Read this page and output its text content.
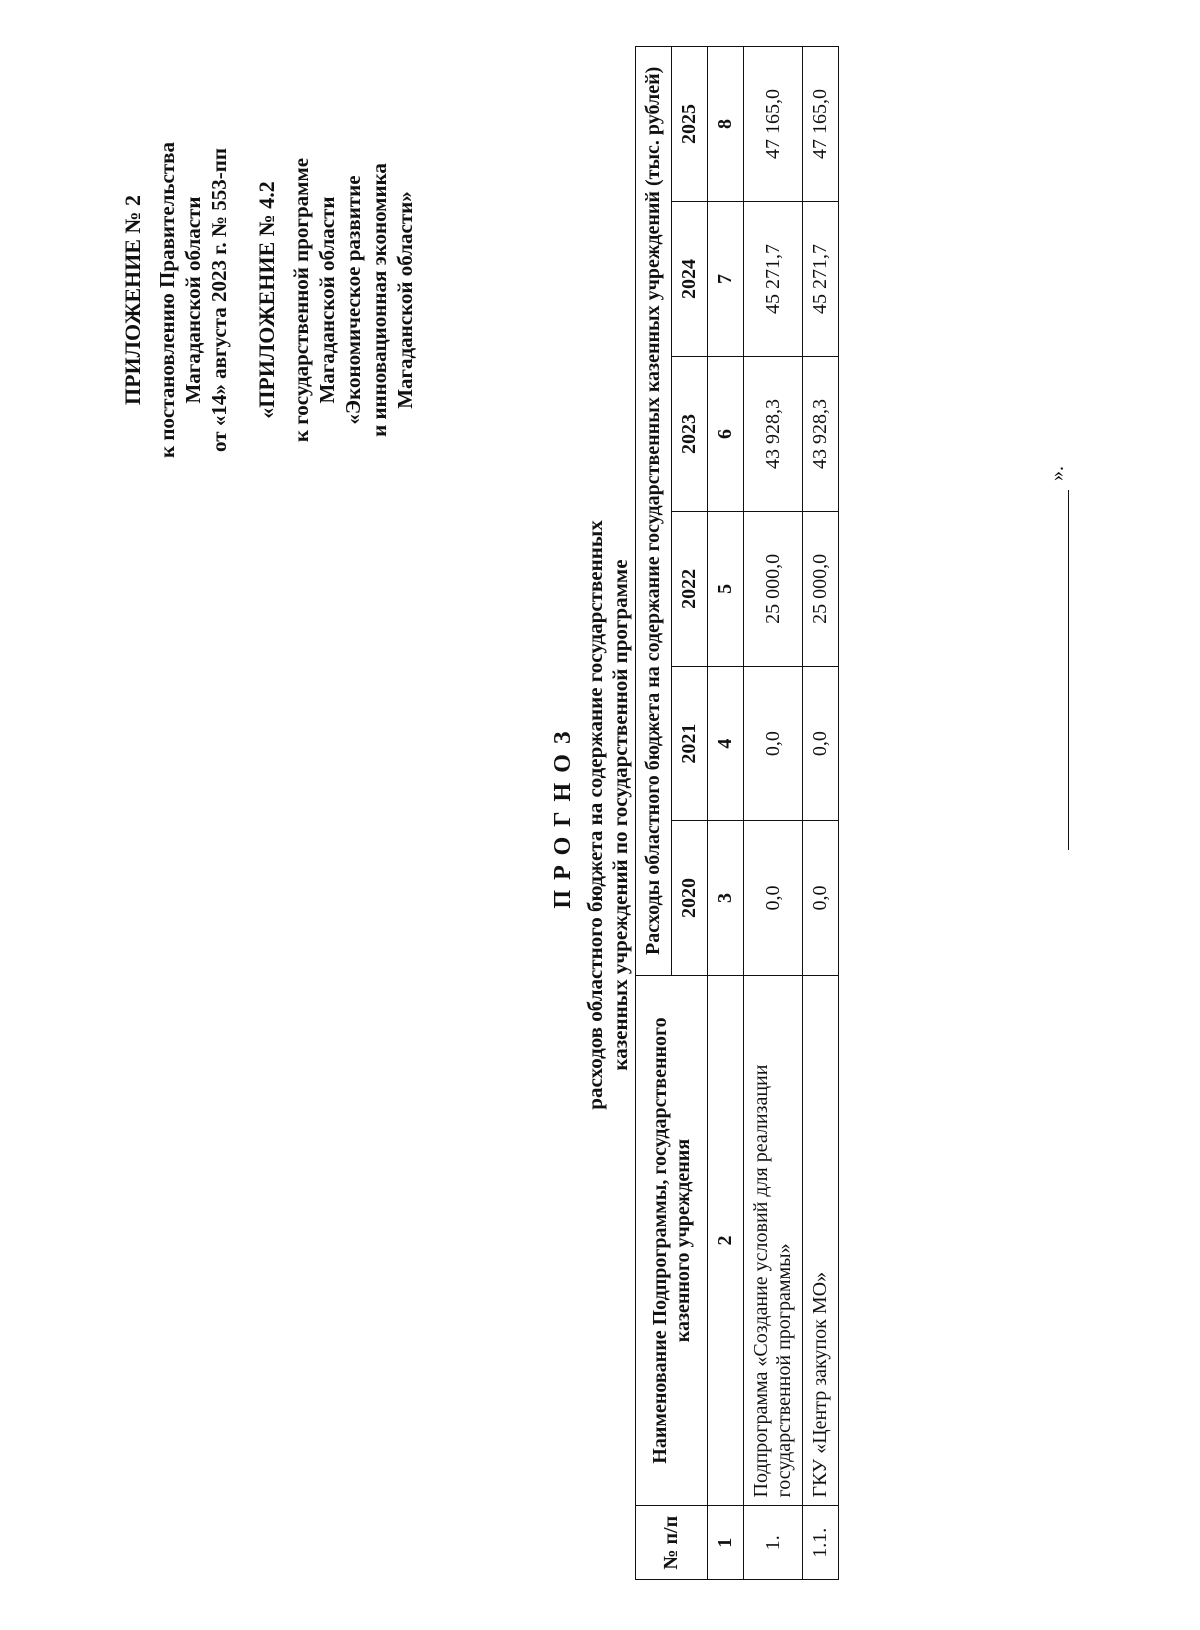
ПРИЛОЖЕНИЕ № 2 к постановлению Правительства Магаданской области от «14» августа 2023 г. № 553-пп «ПРИЛОЖЕНИЕ № 4.2 к государственной программе Магаданской области «Экономическое развитие и инновационная экономика Магаданской области»
ПРОГНОЗ расходов областного бюджета на содержание государственных казенных учреждений по государственной программе
№ п/п	Наименование Подпрограммы, государственного казенного учреждения	Расходы областного бюджета на содержание государственных казенных учреждений (тыс. рублей)					
		2020	2021	2022	2023	2024	2025
1	2	3	4	5	6	7	8
1.	Подпрограмма «Создание условий для реализации государственной программы»	0,0	0,0	25 000,0	43 928,3	45 271,7	47 165,0
1.1.	ГКУ «Центр закупок МО»	0,0	0,0	25 000,0	43 928,3	45 271,7	47 165,0
».
